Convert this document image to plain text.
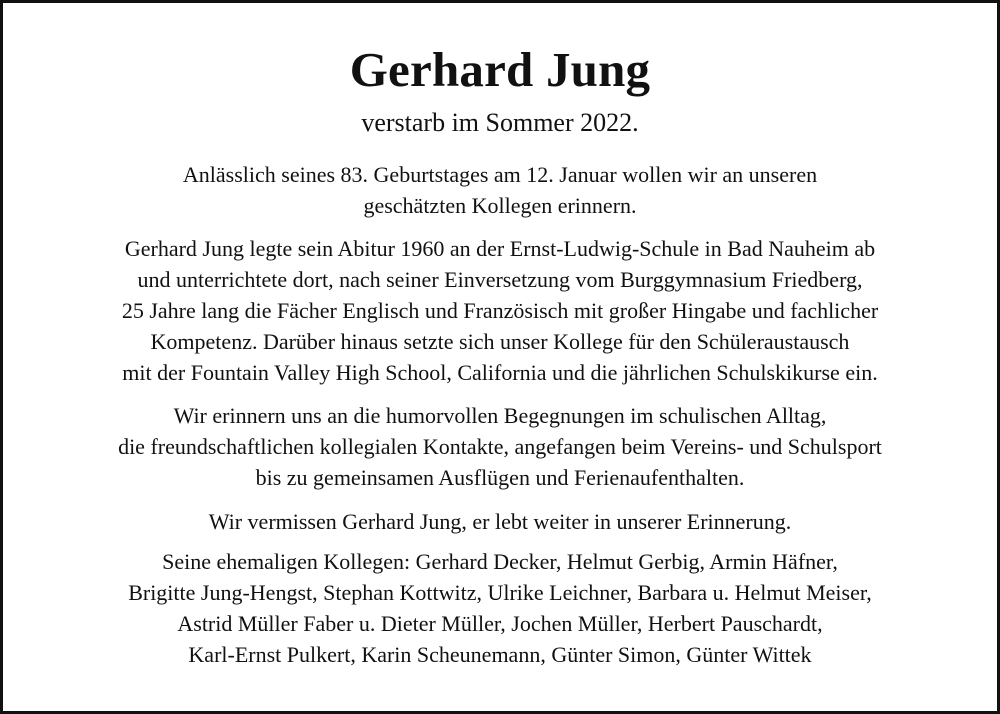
Gerhard Jung
verstarb im Sommer 2022.
Anlässlich seines 83. Geburtstages am 12. Januar wollen wir an unseren
geschätzten Kollegen erinnern.
Gerhard Jung legte sein Abitur 1960 an der Ernst-Ludwig-Schule in Bad Nauheim ab
und unterrichtete dort, nach seiner Einversetzung vom Burggymnasium Friedberg,
25 Jahre lang die Fächer Englisch und Französisch mit großer Hingabe und fachlicher
Kompetenz. Darüber hinaus setzte sich unser Kollege für den Schüleraustausch
mit der Fountain Valley High School, California und die jährlichen Schulskikurse ein.
Wir erinnern uns an die humorvollen Begegnungen im schulischen Alltag,
die freundschaftlichen kollegialen Kontakte, angefangen beim Vereins- und Schulsport
bis zu gemeinsamen Ausflügen und Ferienaufenthalten.
Wir vermissen Gerhard Jung, er lebt weiter in unserer Erinnerung.
Seine ehemaligen Kollegen: Gerhard Decker, Helmut Gerbig, Armin Häfner,
Brigitte Jung-Hengst, Stephan Kottwitz, Ulrike Leichner, Barbara u. Helmut Meiser,
Astrid Müller Faber u. Dieter Müller, Jochen Müller, Herbert Pauschardt,
Karl-Ernst Pulkert, Karin Scheunemann, Günter Simon, Günter Wittek
